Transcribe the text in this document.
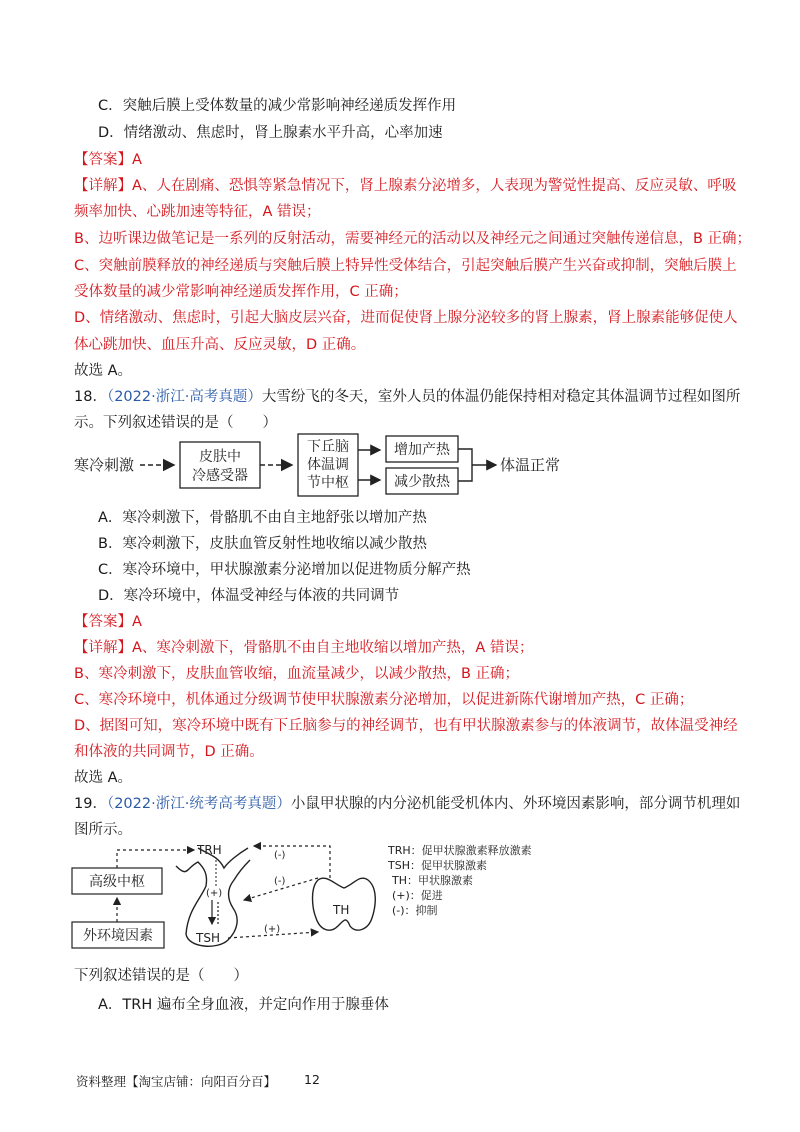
C．突触后膜上受体数量的减少常影响神经递质发挥作用
D．情绪激动、焦虑时，肾上腺素水平升高，心率加速
【答案】A
【详解】A、人在剧痛、恐惧等紧急情况下，肾上腺素分泌增多，人表现为警觉性提高、反应灵敏、呼吸
频率加快、心跳加速等特征，A 错误；
B、边听课边做笔记是一系列的反射活动，需要神经元的活动以及神经元之间通过突触传递信息，B 正确；
C、突触前膜释放的神经递质与突触后膜上特异性受体结合，引起突触后膜产生兴奋或抑制，突触后膜上
受体数量的减少常影响神经递质发挥作用，C 正确；
D、情绪激动、焦虑时，引起大脑皮层兴奋，进而促使肾上腺分泌较多的肾上腺素，肾上腺素能够促使人
体心跳加快、血压升高、反应灵敏，D 正确。
故选 A。
18．（2022·浙江·高考真题）大雪纷飞的冬天，室外人员的体温仍能保持相对稳定其体温调节过程如图所
示。下列叙述错误的是（　　）
寒冷刺激	皮肤中
冷感受器
下丘脑
体温调
节中枢
增加产热
减少散热
体温正常
A．寒冷刺激下，骨骼肌不由自主地舒张以增加产热
B．寒冷刺激下，皮肤血管反射性地收缩以减少散热
C．寒冷环境中，甲状腺激素分泌增加以促进物质分解产热
D．寒冷环境中，体温受神经与体液的共同调节
【答案】A
【详解】A、寒冷刺激下，骨骼肌不由自主地收缩以增加产热，A 错误；
B、寒冷刺激下，皮肤血管收缩，血流量减少，以减少散热，B 正确；
C、寒冷环境中，机体通过分级调节使甲状腺激素分泌增加，以促进新陈代谢增加产热，C 正确；
D、据图可知，寒冷环境中既有下丘脑参与的神经调节，也有甲状腺激素参与的体液调节，故体温受神经
和体液的共同调节，D 正确。
故选 A。
19．（2022·浙江·统考高考真题）小鼠甲状腺的内分泌机能受机体内、外环境因素影响，部分调节机理如
图所示。
高级中枢
外环境因素
TRH
(+)
TSH
(+)
(-)
(-)
TH
TRH：促甲状腺激素释放激素
TSH：促甲状腺激素
TH：甲状腺激素
(+)：促进
(-)：抑制
下列叙述错误的是（　　）
A．TRH 遍布全身血液，并定向作用于腺垂体
资料整理【淘宝店铺：向阳百分百】 12
